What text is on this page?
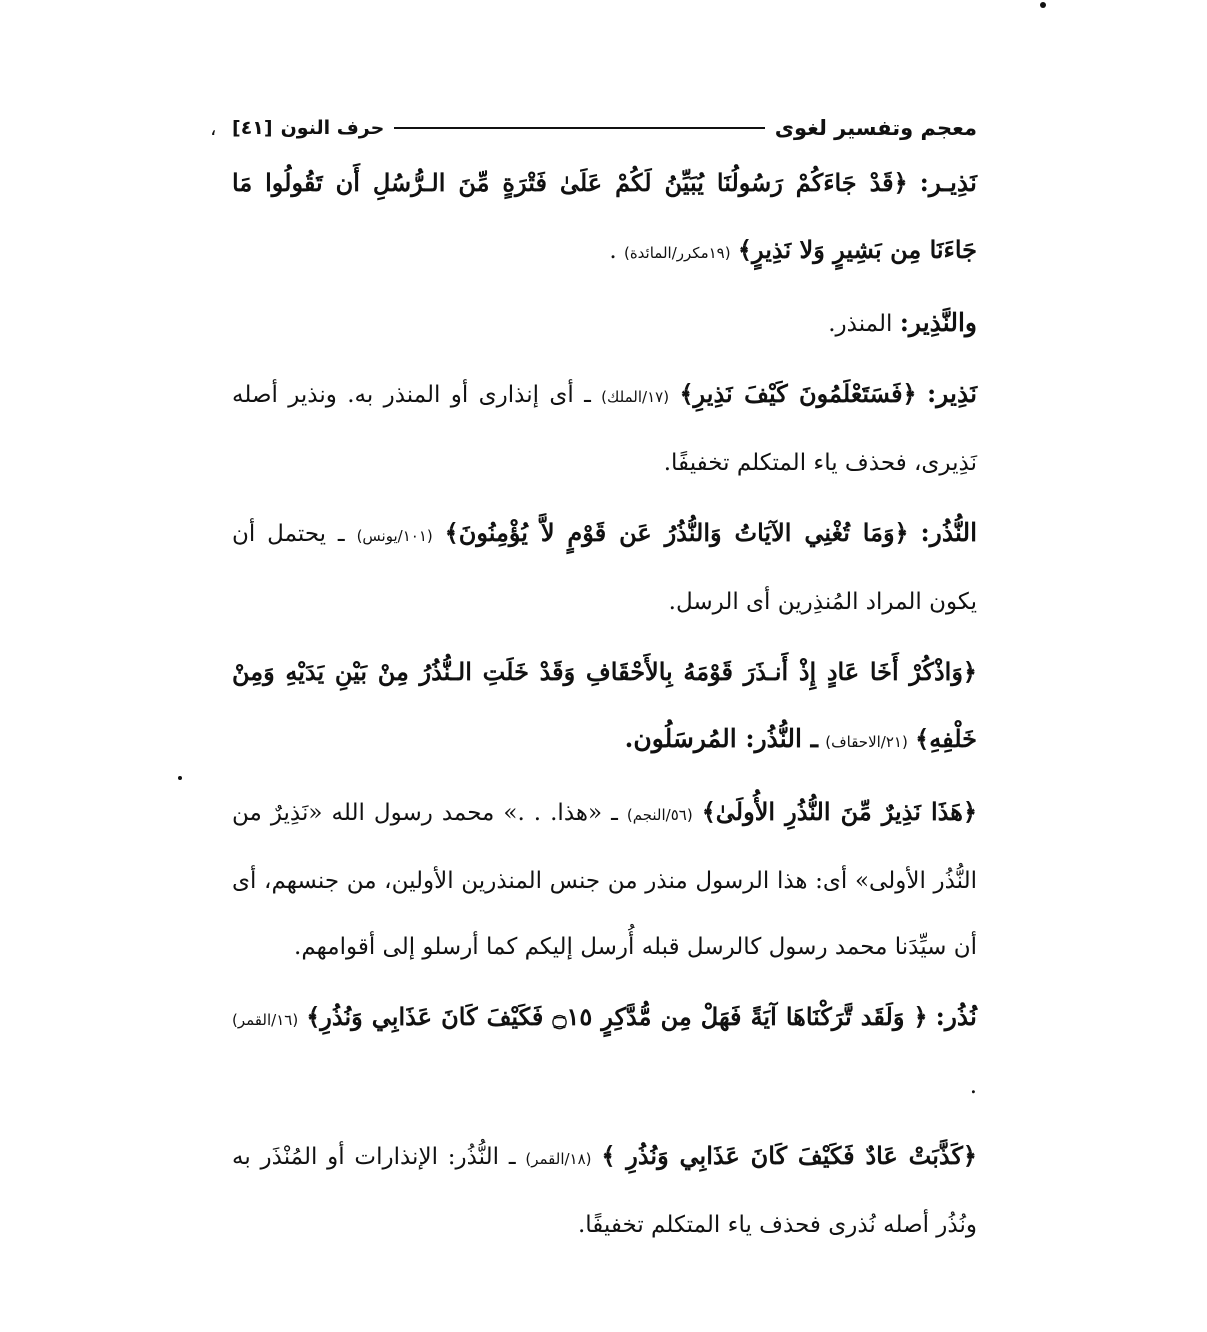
معجم وتفسير لغوى
حرف النون
[٤١]
،

نَذِيـر: ﴿قَدْ جَاءَكُمْ رَسُولُنَا يُبَيِّنُ لَكُمْ عَلَىٰ فَتْرَةٍ مِّنَ الـرُّسُلِ أَن تَقُولُوا مَا جَاءَنَا مِن بَشِيرٍ وَلا نَذِيرٍ﴾ (١٩مكرر/المائدة) .

والنَّذِير: المنذر.

نَذِير: ﴿فَسَتَعْلَمُونَ كَيْفَ نَذِيرِ﴾ (١٧/الملك) ـ أى إنذارى أو المنذر به. ونذير أصله نَذِيرى، فحذف ياء المتكلم تخفيفًا.

النُّذُر: ﴿وَمَا تُغْنِي الآيَاتُ وَالنُّذُرُ عَن قَوْمٍ لاَّ يُؤْمِنُونَ﴾ (١٠١/يونس) ـ يحتمل أن يكون المراد المُنذِرين أى الرسل.

﴿وَاذْكُرْ أَخَا عَادٍ إِذْ أَنـذَرَ قَوْمَهُ بِالأَحْقَافِ وَقَدْ خَلَتِ الـنُّذُرُ مِنْ بَيْنِ يَدَيْهِ وَمِنْ خَلْفِهِ﴾ (٢١/الاحقاف) ـ النُّذُر: المُرسَلُون.

﴿هَذَا نَذِيرٌ مِّنَ النُّذُرِ الأُولَىٰ﴾ (٥٦/النجم) ـ «هذا. . .» محمد رسول الله «نَذِيرٌ من النُّذُر الأولى» أى: هذا الرسول منذر من جنس المنذرين الأولين، من جنسهم، أى أن سيِّدَنا محمد رسول كالرسل قبله أُرسل إليكم كما أرسلو إلى أقوامهم.

نُذُر: ﴿ وَلَقَد تَّرَكْنَاهَا آيَةً فَهَلْ مِن مُّدَّكِرٍ ۝١٥ فَكَيْفَ كَانَ عَذَابِي وَنُذُرِ﴾ (١٦/القمر) .

﴿كَذَّبَتْ عَادٌ فَكَيْفَ كَانَ عَذَابِي وَنُذُرِ ﴾ (١٨/القمر) ـ النُّذُر: الإنذارات أو المُنْذَر به ونُذُر أصله نُذرى فحذف ياء المتكلم تخفيفًا.
